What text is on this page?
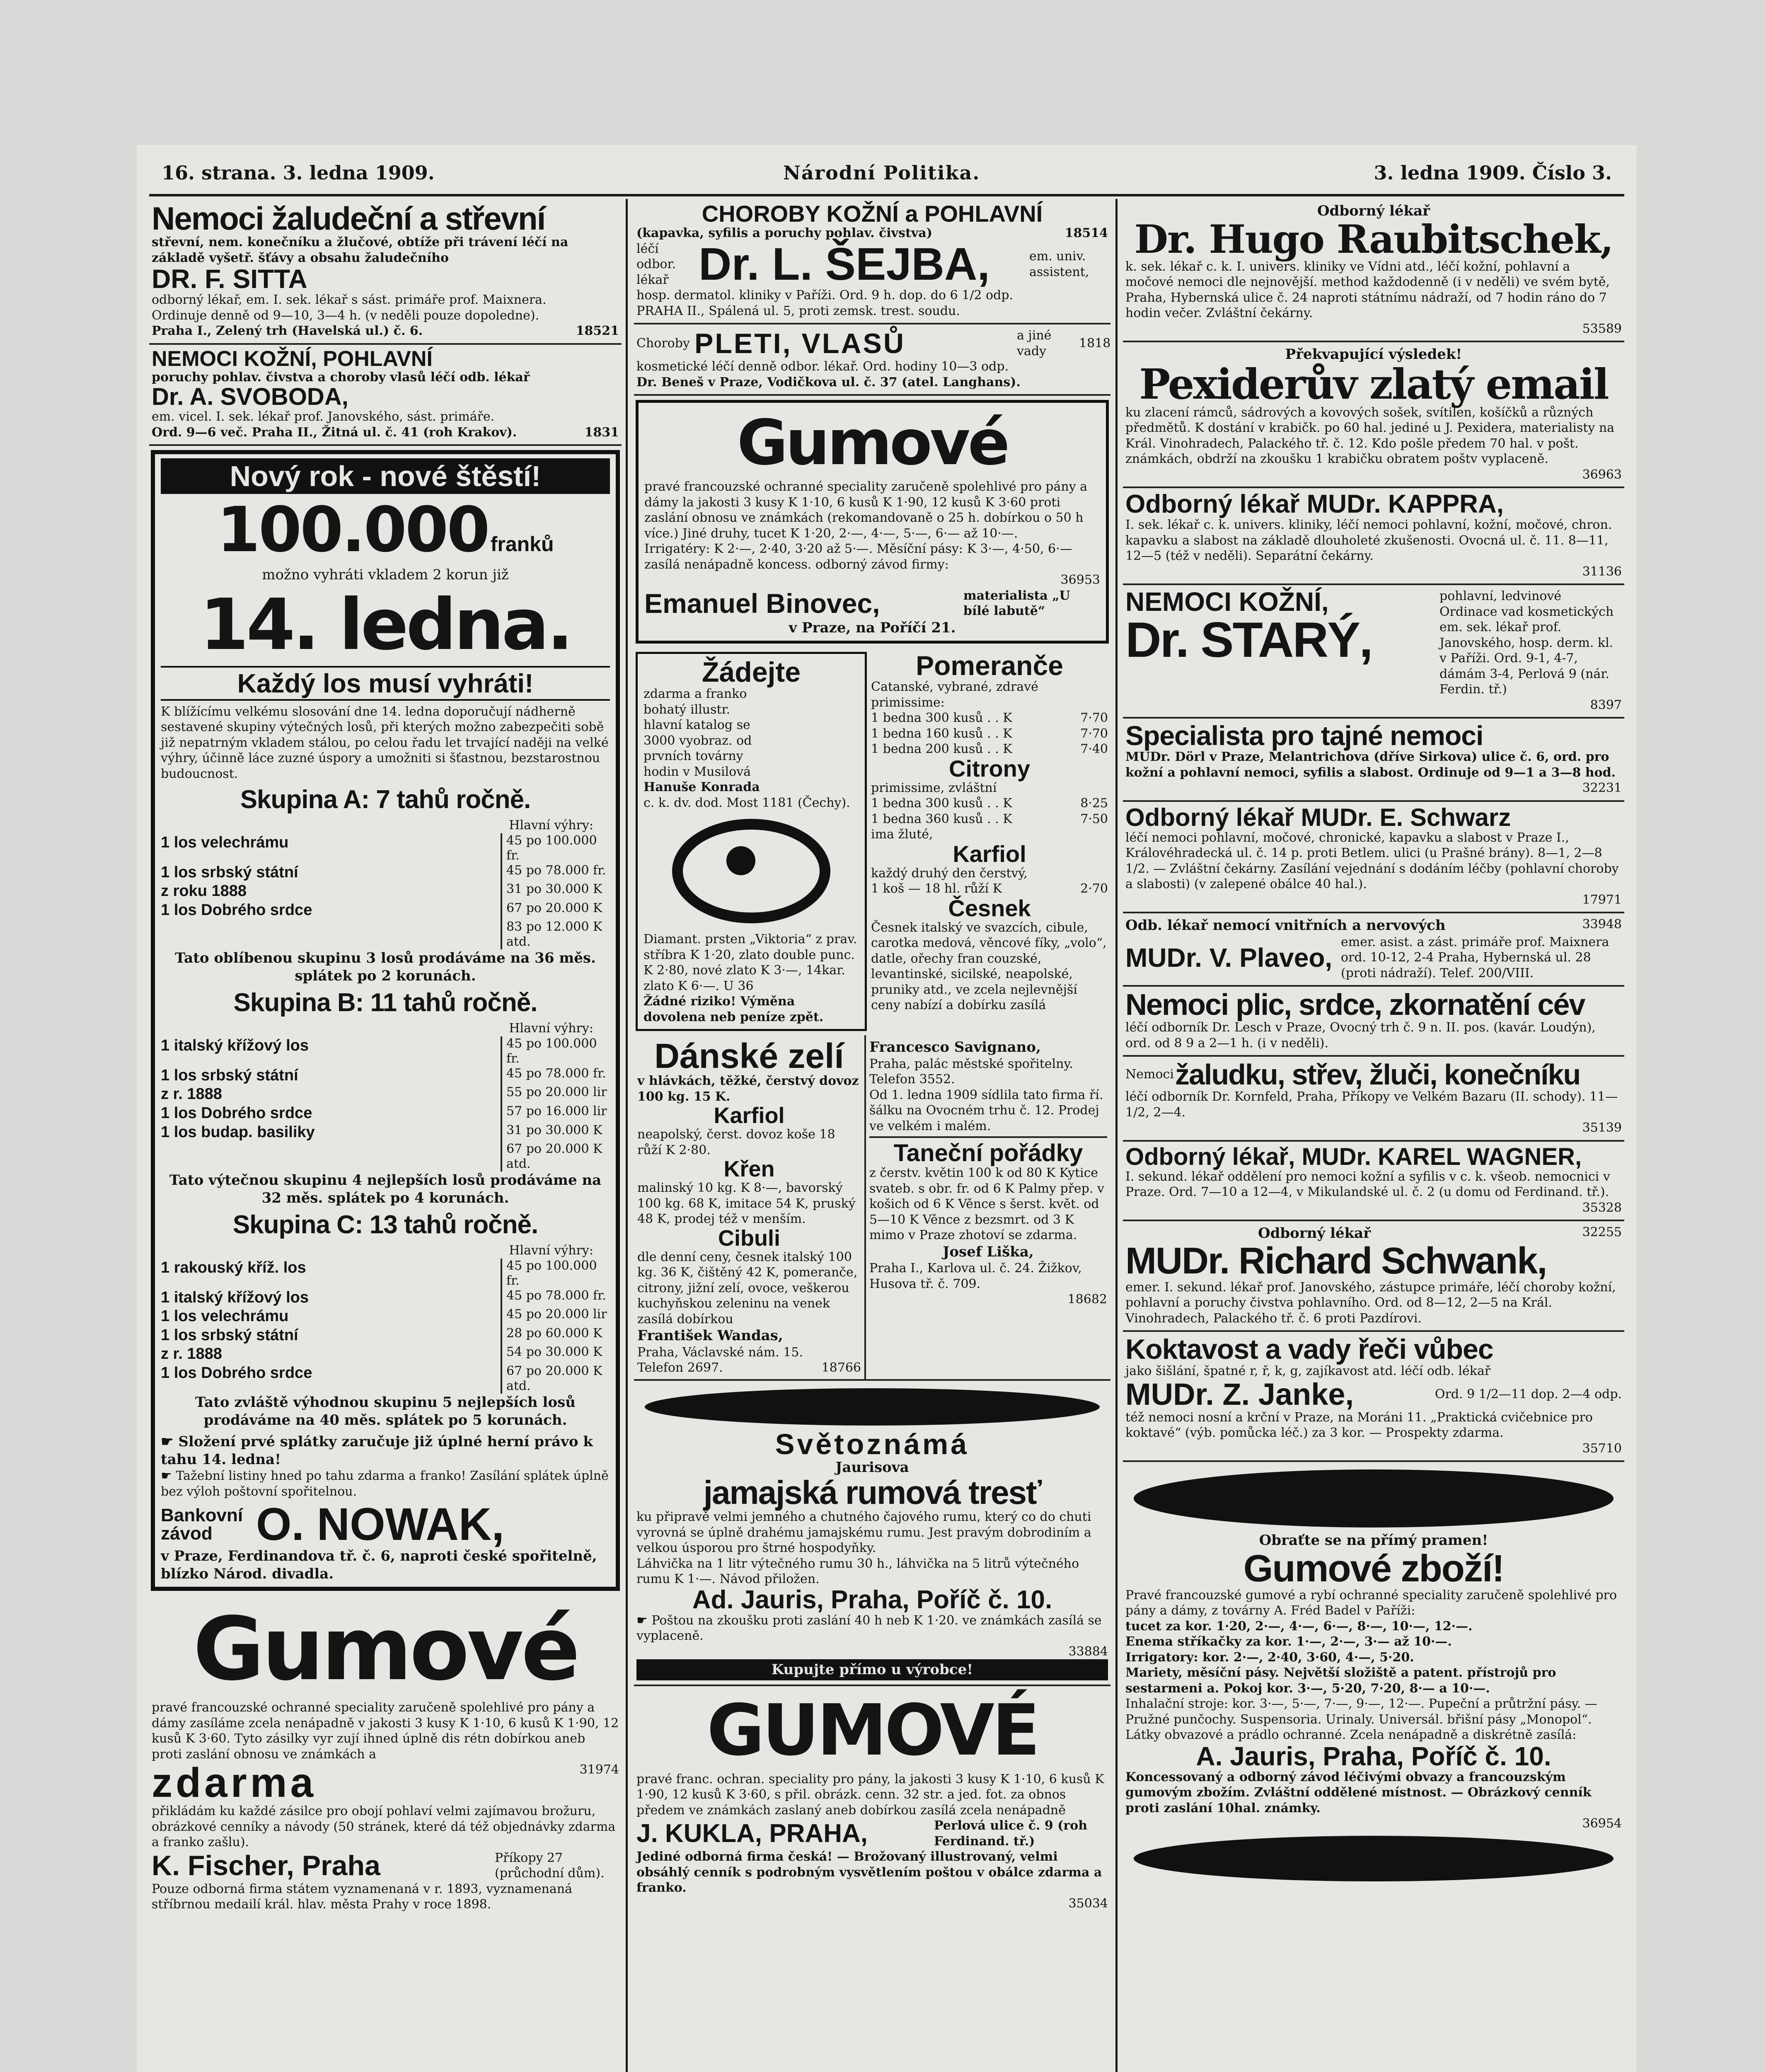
16. strana. 3. ledna 1909.	Národní Politika.	3. ledna 1909. Číslo 3.
Nemoci žaludeční a střevní
střevní, nem. konečníku a žlučové, obtíže při trávení léčí na základě vyšetř. šťávy a obsahu žaludečního
DR. F. SITTA
odborný lékař, em. I. sek. lékař s sást. primáře prof. Maixnera.
Ordinuje denně od 9—10, 3—4 h. (v neděli pouze dopoledne).
Praha I., Zelený trh (Havelská ul.) č. 6.	18521
NEMOCI KOŽNÍ, POHLAVNÍ
poruchy pohlav. čivstva a choroby vlasů léčí odb. lékař
Dr. A. SVOBODA,
em. vicel. I. sek. lékař prof. Janovského, sást. primáře.
Ord. 9—6 več. Praha II., Žitná ul. č. 41 (roh Krakov).	1831
Nový rok - nové štěstí!
100.000 franků
možno vyhráti vkladem 2 korun již
14. ledna.
Každý los musí vyhráti!
K blížícímu velkému slosování dne 14. ledna doporučují nádherně sestavené skupiny výtečných losů, při kterých možno zabezpečiti sobě již nepatrným vkladem stálou, po celou řadu let trvající naději na velké výhry, účinně láce zuzné úspory a umožniti si šťastnou, bezstarostnou budoucnost.
Skupina A: 7 tahů ročně.
Hlavní výhry:
1 los velechrámu	45 po 100.000 fr.
1 los srbský státní	45 po 78.000 fr.
z roku 1888	31 po 30.000 K
1 los Dobrého srdce	67 po 20.000 K
83 po 12.000 K atd.
Tato oblíbenou skupinu 3 losů prodáváme na 36 měs. splátek po 2 korunách.
Skupina B: 11 tahů ročně.
Hlavní výhry:
1 italský křížový los	45 po 100.000 fr.
1 los srbský státní	45 po 78.000 fr.
z r. 1888	55 po 20.000 lir
1 los Dobrého srdce	57 po 16.000 lir
1 los budap. basiliky	31 po 30.000 K
67 po 20.000 K atd.
Tato výtečnou skupinu 4 nejlepších losů prodáváme na 32 měs. splátek po 4 korunách.
Skupina C: 13 tahů ročně.
Hlavní výhry:
1 rakouský kříž. los	45 po 100.000 fr.
1 italský křížový los	45 po 78.000 fr.
1 los velechrámu	45 po 20.000 lir
1 los srbský státní	28 po 60.000 K
z r. 1888	54 po 30.000 K
1 los Dobrého srdce	67 po 20.000 K atd.
Tato zvláště výhodnou skupinu 5 nejlepších losů prodáváme na 40 měs. splátek po 5 korunách.
☛ Složení prvé splátky zaručuje již úplné herní právo k tahu 14. ledna!
☛ Tažební listiny hned po tahu zdarma a franko! Zasílání splátek úplně bez výloh poštovní spořitelnou.
Bankovní závod O. NOWAK,
v Praze, Ferdinandova tř. č. 6, naproti české spořitelně, blízko Národ. divadla.
Gumové
pravé francouzské ochranné speciality zaručeně spolehlivé pro pány a dámy zasíláme zcela nenápadně v jakosti 3 kusy K 1·10, 6 kusů K 1·90, 12 kusů K 3·60. Tyto zásilky vyr zují ihned úplně dis rétn dobírkou aneb proti zaslání obnosu ve známkách a
zdarma	31974
přikládám ku každé zásilce pro obojí pohlaví velmi zajímavou brožuru, obrázkové cenníky a návody (50 stránek, které dá též objednávky zdarma a franko zašlu).
K. Fischer, Praha	Příkopy 27 (průchodní dům).
Pouze odborná firma státem vyznamenaná v r. 1893, vyznamenaná stříbrnou medailí král. hlav. města Prahy v roce 1898.
CHOROBY KOŽNÍ a POHLAVNÍ
(kapavka, syfilis a poruchy pohlav. čivstva)	18514
léčí odbor. lékař Dr. L. ŠEJBA,	em. univ. assistent,
hosp. dermatol. kliniky v Paříži. Ord. 9 h. dop. do 6 1/2 odp.
PRAHA II., Spálená ul. 5, proti zemsk. trest. soudu.
Choroby PLETI, VLASŮ	a jiné vady
1818
kosmetické léčí denně odbor. lékař. Ord. hodiny 10—3 odp.
Dr. Beneš v Praze, Vodičkova ul. č. 37 (atel. Langhans).
Gumové
pravé francouzské ochranné speciality zaručeně spolehlivé pro pány a dámy la jakosti 3 kusy K 1·10, 6 kusů K 1·90, 12 kusů K 3·60 proti zaslání obnosu ve známkách (rekomandovaně o 25 h. dobírkou o 50 h více.) Jiné druhy, tucet K 1·20, 2·—, 4·—, 5·—, 6·— až 10·—.
Irrigatéry: K 2·—, 2·40, 3·20 až 5·—. Měsíční pásy: K 3·—, 4·50, 6·— zasílá nenápadně koncess. odborný závod firmy:
36953
Emanuel Binovec,	materialista „U bílé labutě“
v Praze, na Poříčí 21.
Žádejte
zdarma a franko bohatý illustr. hlavní katalog se 3000 vyobraz. od prvních továrny hodin v Musilová
Hanuše Konrada
c. k. dv. dod. Most 1181 (Čechy).
Diamant. prsten „Viktoria“ z prav. stříbra K 1·20, zlato double punc. K 2·80, nové zlato K 3·—, 14kar. zlato K 6·—. U 36
Žádné riziko! Výměna dovolena neb peníze zpět.
Pomeranče
Catanské, vybrané, zdravé primissime:
1 bedna 300 kusů . . K	7·70
1 bedna 160 kusů . . K	7·70
1 bedna 200 kusů . . K	7·40
Citrony
primissime, zvláštní
1 bedna 300 kusů . . K	8·25
1 bedna 360 kusů . . K	7·50
ima žluté,
Karfiol
každý druhý den čerstvý,
1 koš — 18 hl. růží K	2·70
Česnek
Česnek italský ve svazcích, cibule, carotka medová, věncové fíky, „volo“, datle, ořechy fran couzské, levantinské, sicilské, neapolské, pruniky atd., ve zcela nejlevnější ceny nabízí a dobírku zasílá
Dánské zelí
v hlávkách, těžké, čerstvý dovoz 100 kg. 15 K.
Karfiol
neapolský, čerst. dovoz koše 18 růží K 2·80.
Křen
malinský 10 kg. K 8·—, bavorský 100 kg. 68 K, imitace 54 K, pruský 48 K, prodej též v menším.
Cibuli
dle denní ceny, česnek italský 100 kg. 36 K, čištěný 42 K, pomeranče, citrony, jižní zelí, ovoce, veškerou kuchyňskou zeleninu na venek zasílá dobírkou
František Wandas,
Praha, Václavské nám. 15.
Telefon 2697.	18766
Francesco Savignano,
Praha, palác městské spořitelny. Telefon 3552.
Od 1. ledna 1909 sídlila tato firma ří. šálku na Ovocném trhu č. 12. Prodej ve velkém i malém.
Taneční pořádky
z čerstv. květin 100 k od 80 K Kytice svateb. s obr. fr. od 6 K Palmy přep. v košich od 6 K Věnce s šerst. květ. od 5—10 K Věnce z bezsmrt. od 3 K
mimo v Praze zhotoví se zdarma.
Josef Liška,
Praha I., Karlova ul. č. 24. Žižkov, Husova tř. č. 709.
18682
Světoznámá
Jaurisova
jamajská rumová tresť
ku připravě velmi jemného a chutného čajového rumu, který co do chuti vyrovná se úplně drahému jamajskému rumu. Jest pravým dobrodiním a velkou úsporou pro štrné hospodyňky.
Láhvička na 1 litr výtečného rumu 30 h., láhvička na 5 litrů výtečného rumu K 1·—. Návod přiložen.
Ad. Jauris, Praha, Poříč č. 10.
☛ Poštou na zkoušku proti zaslání 40 h neb K 1·20. ve známkách zasílá se vyplaceně.
33884
Kupujte přímo u výrobce!
GUMOVÉ
pravé franc. ochran. speciality pro pány, la jakosti 3 kusy K 1·10, 6 kusů K 1·90, 12 kusů K 3·60, s přil. obrázk. cenn. 32 str. a jed. fot. za obnos předem ve známkách zaslaný aneb dobírkou zasílá zcela nenápadně
J. KUKLA, PRAHA,	Perlová ulice č. 9 (roh Ferdinand. tř.)
Jediné odborná firma česká! — Brožovaný illustrovaný, velmi obsáhlý cenník s podrobným vysvětlením poštou v obálce zdarma a franko.
35034
Odborný lékař
Dr. Hugo Raubitschek,
k. sek. lékař c. k. I. univers. kliniky ve Vídni atd., léčí kožní, pohlavní a močové nemoci dle nejnovější. method každodenně (i v neděli) ve svém bytě, Praha, Hybernská ulice č. 24 naproti státnímu nádraží, od 7 hodin ráno do 7 hodin večer. Zvláštní čekárny.
53589
Překvapující výsledek!
Pexiderův zlatý email
ku zlacení rámců, sádrových a kovových sošek, svítilen, košíčků a různých předmětů. K dostání v krabičk. po 60 hal. jediné u J. Pexidera, materialisty na Král. Vinohradech, Palackého tř. č. 12. Kdo pošle předem 70 hal. v pošt. známkách, obdrží na zkoušku 1 krabičku obratem poštv vyplaceně.
36963
Odborný lékař MUDr. KAPPRA,
I. sek. lékař c. k. univers. kliniky, léčí nemoci pohlavní, kožní, močové, chron. kapavku a slabost na základě dlouholeté zkušenosti. Ovocná ul. č. 11. 8—11, 12—5 (též v neděli). Separátní čekárny.
31136
NEMOCI KOŽNÍ,
Dr. STARÝ,
pohlavní, ledvinové Ordinace vad kosmetických
em. sek. lékař prof. Janovského, hosp. derm. kl. v Paříži. Ord. 9-1, 4-7, dámám 3-4, Perlová 9 (nár. Ferdin. tř.)
8397
Specialista pro tajné nemoci
MUDr. Dörl v Praze, Melantrichova (dříve Sirkova) ulice č. 6, ord. pro kožní a pohlavní nemoci, syfilis a slabost. Ordinuje od 9—1 a 3—8 hod.
32231
Odborný lékař MUDr. E. Schwarz
léčí nemoci pohlavní, močové, chronické, kapavku a slabost v Praze I., Královéhradecká ul. č. 14 p. proti Betlem. ulici (u Prašné brány). 8—1, 2—8 1/2. — Zvláštní čekárny. Zasílání vejednání s dodáním léčby (pohlavní choroby a slabosti) (v zalepené obálce 40 hal.).
17971
Odb. lékař nemocí vnitřních a nervových	33948
MUDr. V. Plaveo,
emer. asist. a zást. primáře prof. Maixnera ord. 10-12, 2-4 Praha, Hybernská ul. 28 (proti nádraží). Telef. 200/VIII.
Nemoci plic, srdce, zkornatění cév
léčí odborník Dr. Lesch v Praze, Ovocný trh č. 9 n. II. pos. (kavár. Loudýn), ord. od 8 9 a 2—1 h. (i v neděli).
Nemoci žaludku, střev, žluči, konečníku
léčí odborník Dr. Kornfeld, Praha, Příkopy ve Velkém Bazaru (II. schody). 11—1/2, 2—4.
35139
Odborný lékař, MUDr. KAREL WAGNER,
I. sekund. lékař oddělení pro nemoci kožní a syfilis v c. k. všeob. nemocnici v Praze. Ord. 7—10 a 12—4, v Mikulandské ul. č. 2 (u domu od Ferdinand. tř.).
35328
Odborný lékař	32255
MUDr. Richard Schwank,
emer. I. sekund. lékař prof. Janovského, zástupce primáře, léčí choroby kožní, pohlavní a poruchy čivstva pohlavního. Ord. od 8—12, 2—5 na Král. Vinohradech, Palackého tř. č. 6 proti Pazdírovi.
Koktavost a vady řeči vůbec
jako šišlání, špatné r, ř, k, g, zajíkavost atd. léčí odb. lékař
MUDr. Z. Janke,	Ord. 9 1/2—11 dop. 2—4 odp.
též nemoci nosní a krční v Praze, na Moráni 11. „Praktická cvičebnice pro koktavé“ (výb. pomůcka léč.) za 3 kor. — Prospekty zdarma.
35710
Obraťte se na přímý pramen!
Gumové zboží!
Pravé francouzské gumové a rybí ochranné speciality zaručeně spolehlivé pro pány a dámy, z továrny A. Fréd Badel v Paříži:
tucet za kor. 1·20, 2·—, 4·—, 6·—, 8·—, 10·—, 12·—.
Enema stříkačky za kor. 1·—, 2·—, 3·— až 10·—.
Irrigatory: kor. 2·—, 2·40, 3·60, 4·—, 5·20.
Mariety, měsíční pásy. Největší složiště a patent. přístrojů pro sestarmeni a. Pokoj kor. 3·—, 5·20, 7·20, 8·— a 10·—.
Inhalační stroje: kor. 3·—, 5·—, 7·—, 9·—, 12·—. Pupeční a průtržní pásy. — Pružné punčochy. Suspensoria. Urinaly. Universál. břišní pásy „Monopol“. Látky obvazové a prádlo ochranné. Zcela nenápadně a diskrétně zasílá:
A. Jauris, Praha, Poříč č. 10.
Koncessovaný a odborný závod léčivými obvazy a francouzským gumovým zbožím. Zvláštní oddělené místnost. — Obrázkový cenník proti zaslání 10hal. známky.
36954
